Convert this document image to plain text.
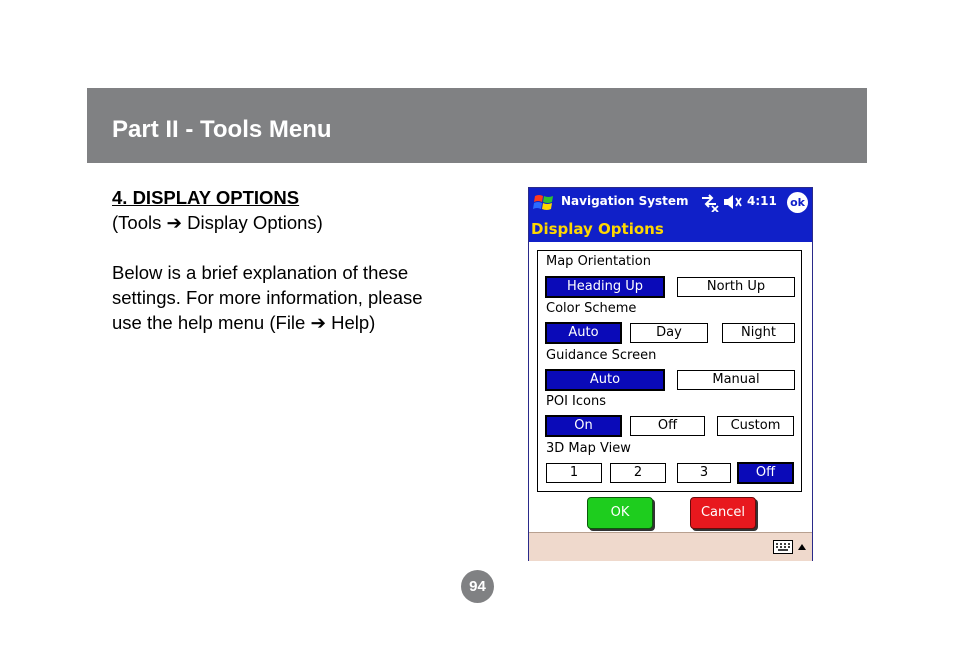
Part II - Tools Menu
4. DISPLAY OPTIONS
(Tools ➔ Display Options)
Below is a brief explanation of these
settings. For more information, please
use the help menu (File ➔ Help)
Navigation System	4:11 ok
Display Options
Map Orientation
Heading Up	North Up
Color Scheme
Auto	Day	Night
Guidance Screen
Auto	Manual
POI Icons
On	Off	Custom
3D Map View
1	2	3	Off
OK	Cancel
94
